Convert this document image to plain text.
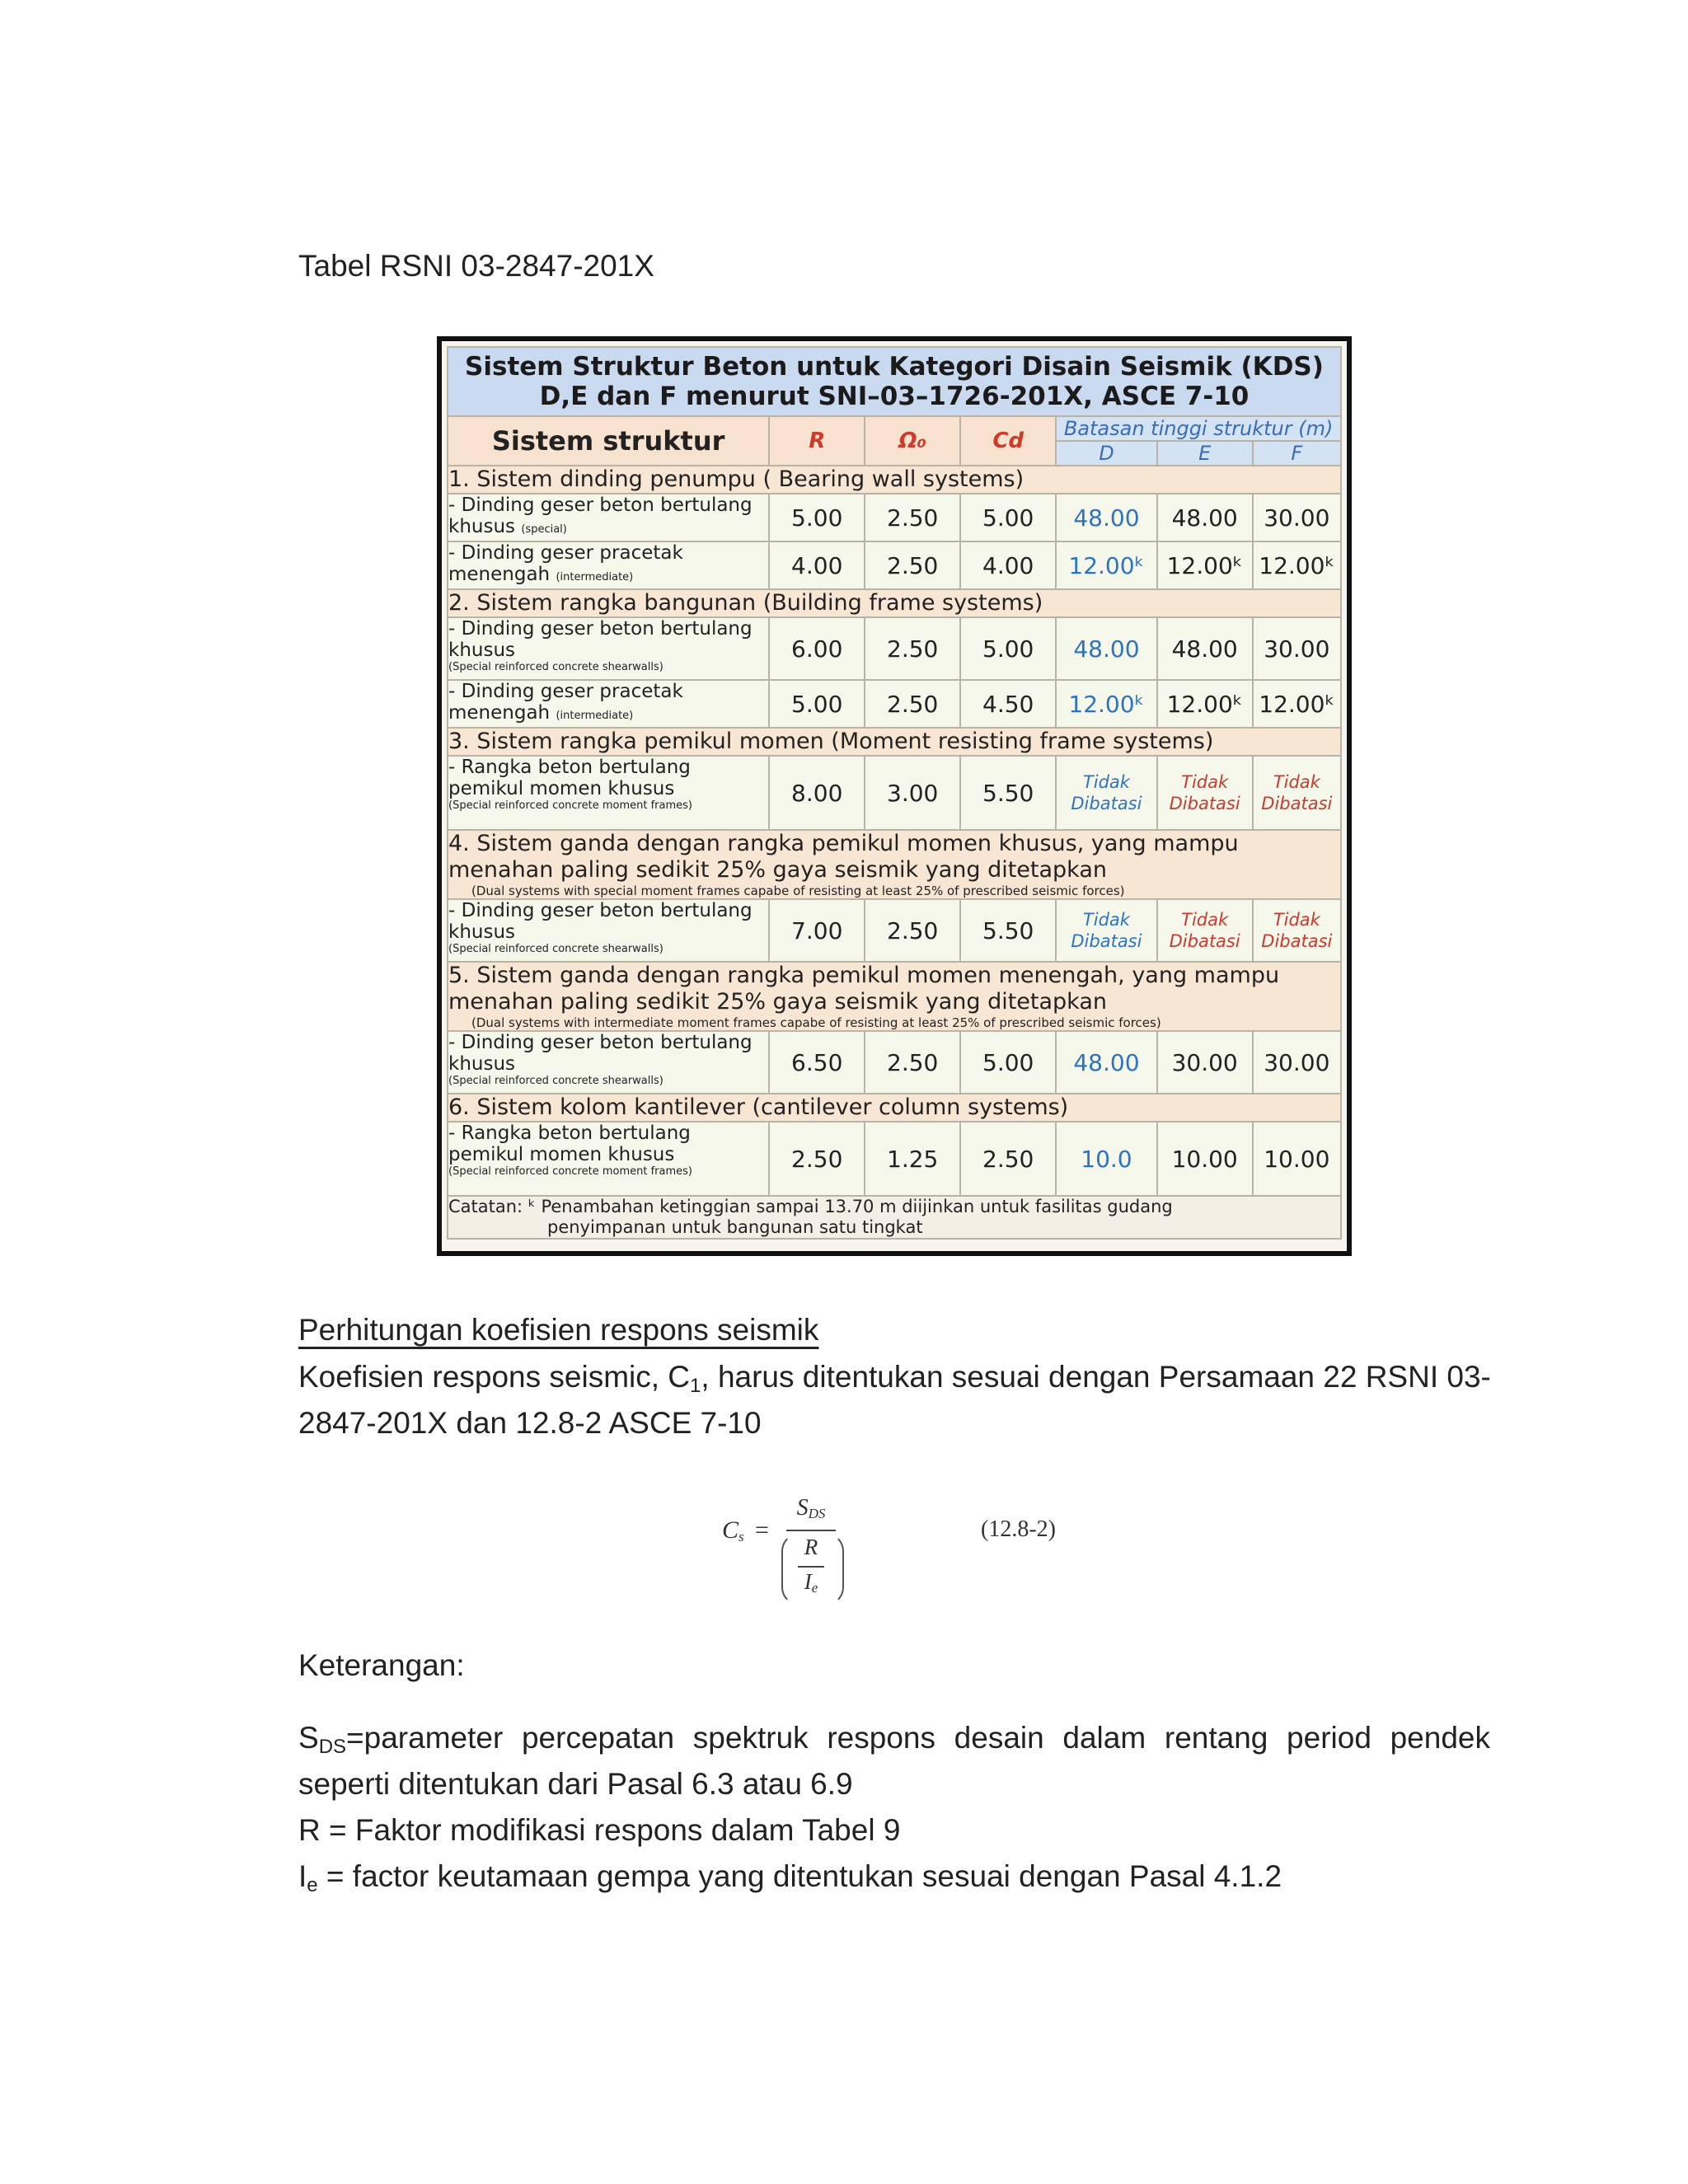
Tabel RSNI 03-2847-201X
Sistem Struktur Beton untuk Kategori Disain Seismik (KDS)
D,E dan F menurut SNI–03–1726-201X, ASCE 7-10						
Sistem struktur	R	Ω₀	Cd	Batasan tinggi struktur (m)		
				D	E	F
1. Sistem dinding penumpu ( Bearing wall systems)						
- Dinding geser beton bertulang khusus (special)	5.00	2.50	5.00	48.00	48.00	30.00
- Dinding geser pracetak menengah (intermediate)	4.00	2.50	4.00	12.00ᵏ	12.00ᵏ	12.00ᵏ
2. Sistem rangka bangunan (Building frame systems)						
- Dinding geser beton bertulang khusus
(Special reinforced concrete shearwalls)	6.00	2.50	5.00	48.00	48.00	30.00
- Dinding geser pracetak menengah (intermediate)	5.00	2.50	4.50	12.00ᵏ	12.00ᵏ	12.00ᵏ
3. Sistem rangka pemikul momen (Moment resisting frame systems)						
- Rangka beton bertulang pemikul momen khusus
(Special reinforced concrete moment frames)	8.00	3.00	5.50	Tidak Dibatasi	Tidak Dibatasi	Tidak Dibatasi
4. Sistem ganda dengan rangka pemikul momen khusus, yang mampu menahan paling sedikit 25% gaya seismik yang ditetapkan
(Dual systems with special moment frames capabe of resisting at least 25% of prescribed seismic forces)						

- Dinding geser beton bertulang khusus
(Special reinforced concrete shearwalls)	7.00	2.50	5.50	Tidak Dibatasi	Tidak Dibatasi	Tidak Dibatasi
5. Sistem ganda dengan rangka pemikul momen menengah, yang mampu menahan paling sedikit 25% gaya seismik yang ditetapkan
(Dual systems with intermediate moment frames capabe of resisting at least 25% of prescribed seismic forces)						

- Dinding geser beton bertulang khusus
(Special reinforced concrete shearwalls)	6.50	2.50	5.00	48.00	30.00	30.00
6. Sistem kolom kantilever (cantilever column systems)						
- Rangka beton bertulang pemikul momen khusus
(Special reinforced concrete moment frames)	2.50	1.25	2.50	10.0	10.00	10.00
Catatan: ᵏ Penambahan ketinggian sampai 13.70 m diijinkan untuk fasilitas gudang
penyimpanan untuk bangunan satu tingkat						
Perhitungan koefisien respons seismik
Koefisien respons seismic, $C_1$, harus ditentukan sesuai dengan Persamaan 22 RSNI 03-2847-201X dan 12.8-2 ASCE 7-10
$C_s$ =
$S_{DS}$
R
$I_e$
(12.8-2)
Keterangan:

$S_{DS}=parameter$ percepatan spektruk respons desain dalam rentang period pendek

seperti ditentukan dari Pasal 6.3 atau 6.9

R = Faktor modifikasi respons dalam Tabel 9

$I_e$ = factor keutamaan gempa yang ditentukan sesuai dengan Pasal 4.1.2
